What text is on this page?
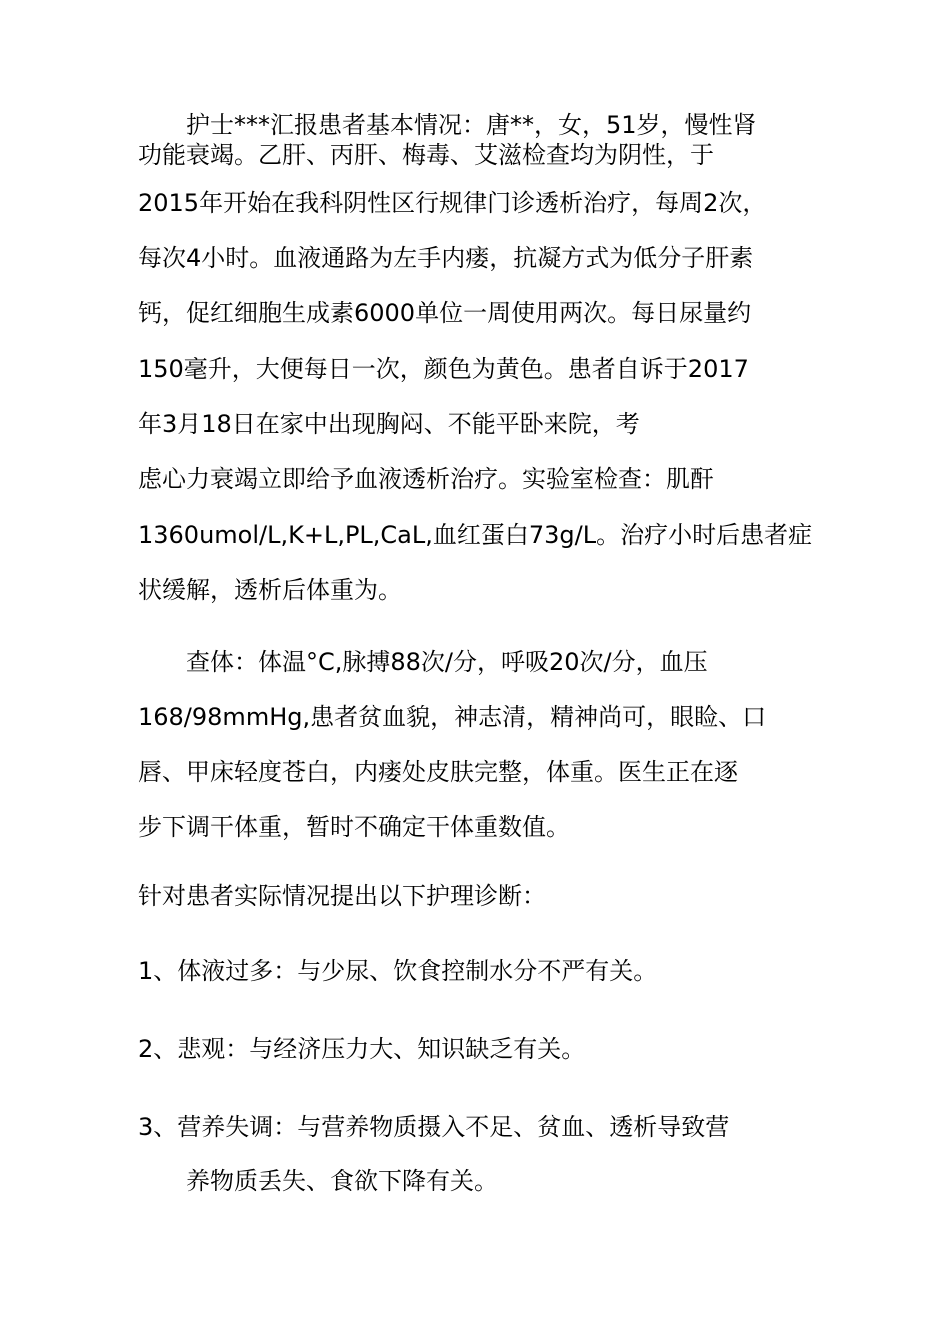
护士***汇报患者基本情况：唐**，女，51岁，慢性肾
功能衰竭。乙肝、丙肝、梅毒、艾滋检查均为阴性，于
2015年开始在我科阴性区行规律门诊透析治疗，每周2次，
每次4小时。血液通路为左手内瘘，抗凝方式为低分子肝素
钙，促红细胞生成素6000单位一周使用两次。每日尿量约
150毫升，大便每日一次，颜色为黄色。患者自诉于2017
年3月18日在家中出现胸闷、不能平卧来院，考
虑心力衰竭立即给予血液透析治疗。实验室检查：肌酐
1360umol/L,K+L,PL,CaL,血红蛋白73g/L。治疗小时后患者症
状缓解，透析后体重为。
查体：体温°C,脉搏88次/分，呼吸20次/分，血压
168/98mmHg,患者贫血貌，神志清，精神尚可，眼睑、口
唇、甲床轻度苍白，内瘘处皮肤完整，体重。医生正在逐
步下调干体重，暂时不确定干体重数值。
针对患者实际情况提出以下护理诊断：
1、体液过多：与少尿、饮食控制水分不严有关。
2、悲观：与经济压力大、知识缺乏有关。
3、营养失调：与营养物质摄入不足、贫血、透析导致营
养物质丢失、食欲下降有关。
